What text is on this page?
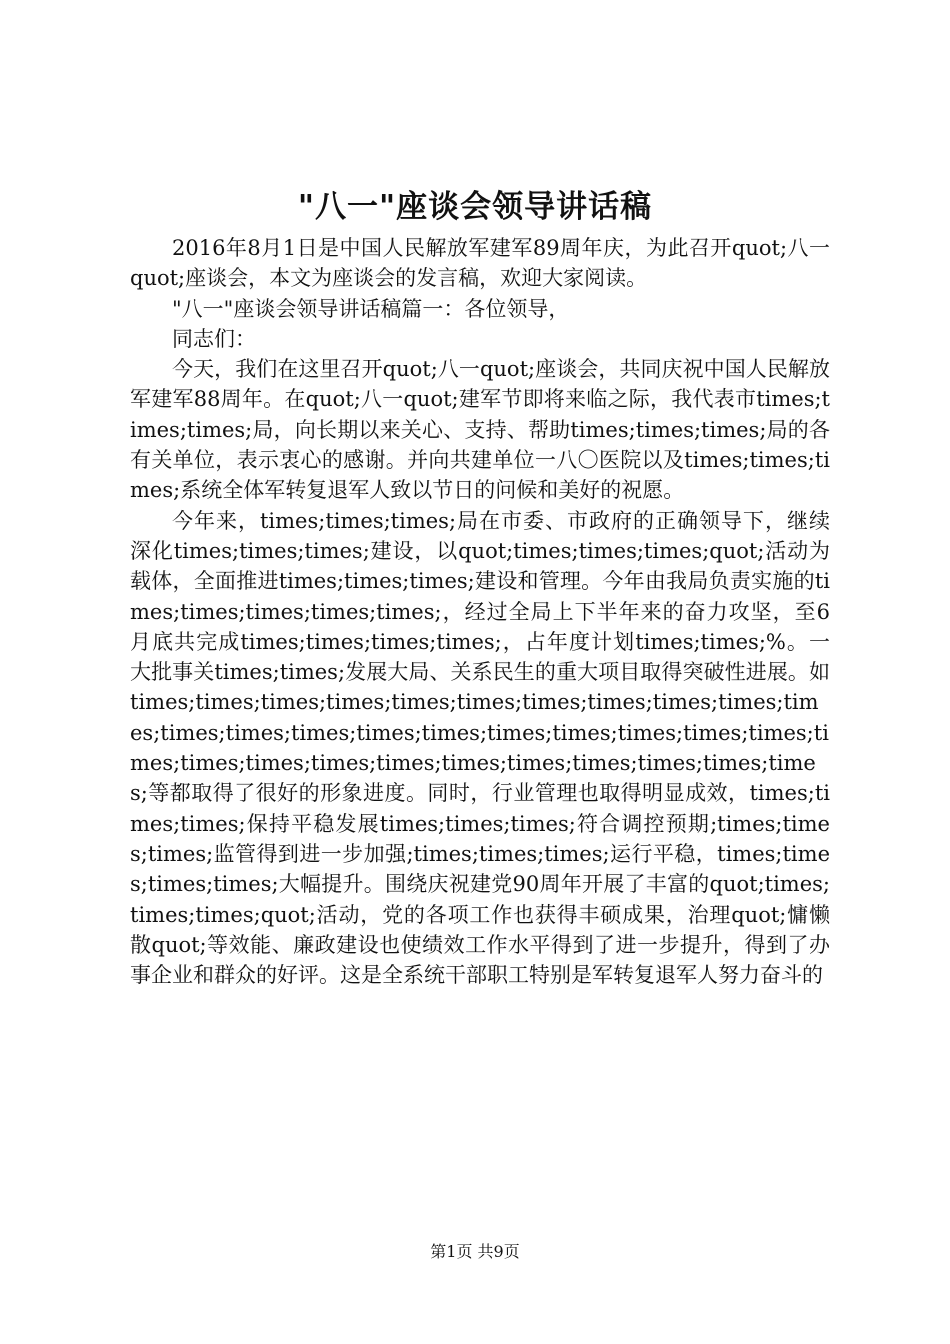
"八一"座谈会领导讲话稿

2016年8月1日是中国人民解放军建军89周年庆，为此召开quot;八一quot;座谈会，本文为座谈会的发言稿，欢迎大家阅读。

"八一"座谈会领导讲话稿篇一：各位领导，

同志们：

今天，我们在这里召开quot;八一quot;座谈会，共同庆祝中国人民解放军建军88周年。在quot;八一quot;建军节即将来临之际，我代表市times;times;times;局，向长期以来关心、支持、帮助times;times;times;局的各有关单位，表示衷心的感谢。并向共建单位一八〇医院以及times;times;times;系统全体军转复退军人致以节日的问候和美好的祝愿。

今年来，times;times;times;局在市委、市政府的正确领导下，继续深化times;times;times;建设，以quot;times;times;times;quot;活动为载体，全面推进times;times;times;建设和管理。今年由我局负责实施的times;times;times;times;times;，经过全局上下半年来的奋力攻坚，至6月底共完成times;times;times;times;，占年度计划times;times;%。一大批事关times;times;发展大局、关系民生的重大项目取得突破性进展。如times;times;times;times;times;times;times;times;times;times;times;times;times;times;times;times;times;times;times;times;times;times;times;times;times;times;times;times;times;times;times;times;等都取得了很好的形象进度。同时，行业管理也取得明显成效，times;times;times;保持平稳发展times;times;times;符合调控预期;times;times;times;监管得到进一步加强;times;times;times;运行平稳，times;times;times;times;大幅提升。围绕庆祝建党90周年开展了丰富的quot;times;times;times;quot;活动，党的各项工作也获得丰硕成果，治理quot;慵懒散quot;等效能、廉政建设也使绩效工作水平得到了进一步提升，得到了办事企业和群众的好评。这是全系统干部职工特别是军转复退军人努力奋斗的

第1页 共9页
